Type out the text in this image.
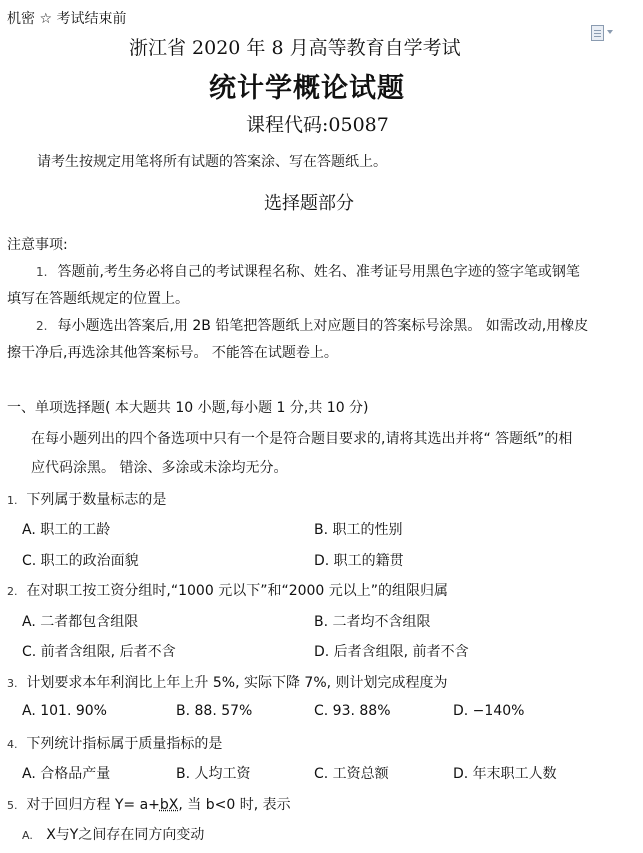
机密 ☆ 考试结束前
浙江省 2020 年 8 月高等教育自学考试
统计学概论试题
课程代码:05087
请考生按规定用笔将所有试题的答案涂、写在答题纸上。
选择题部分
注意事项:
1. 答题前,考生务必将自己的考试课程名称、姓名、准考证号用黑色字迹的签字笔或钢笔
填写在答题纸规定的位置上。
2. 每小题选出答案后,用 2B 铅笔把答题纸上对应题目的答案标号涂黑。 如需改动,用橡皮
擦干净后,再选涂其他答案标号。 不能答在试题卷上。
一、单项选择题( 本大题共 10 小题,每小题 1 分,共 10 分)
在每小题列出的四个备选项中只有一个是符合题目要求的,请将其选出并将“ 答题纸”的相
应代码涂黑。 错涂、多涂或未涂均无分。
1. 下列属于数量标志的是
A. 职工的工龄	B. 职工的性别
C. 职工的政治面貌	D. 职工的籍贯
2. 在对职工按工资分组时,“1000 元以下”和“2000 元以上”的组限归属
A. 二者都包含组限	B. 二者均不含组限
C. 前者含组限, 后者不含	D. 后者含组限, 前者不含
3. 计划要求本年利润比上年上升 5%, 实际下降 7%, 则计划完成程度为
A. 101. 90%	B. 88. 57%	C. 93. 88%	D. −140%
4. 下列统计指标属于质量指标的是
A. 合格品产量	B. 人均工资	C. 工资总额	D. 年末职工人数
5. 对于回归方程 Y= a+bX, 当 b<0 时, 表示
A. X与Y之间存在同方向变动
